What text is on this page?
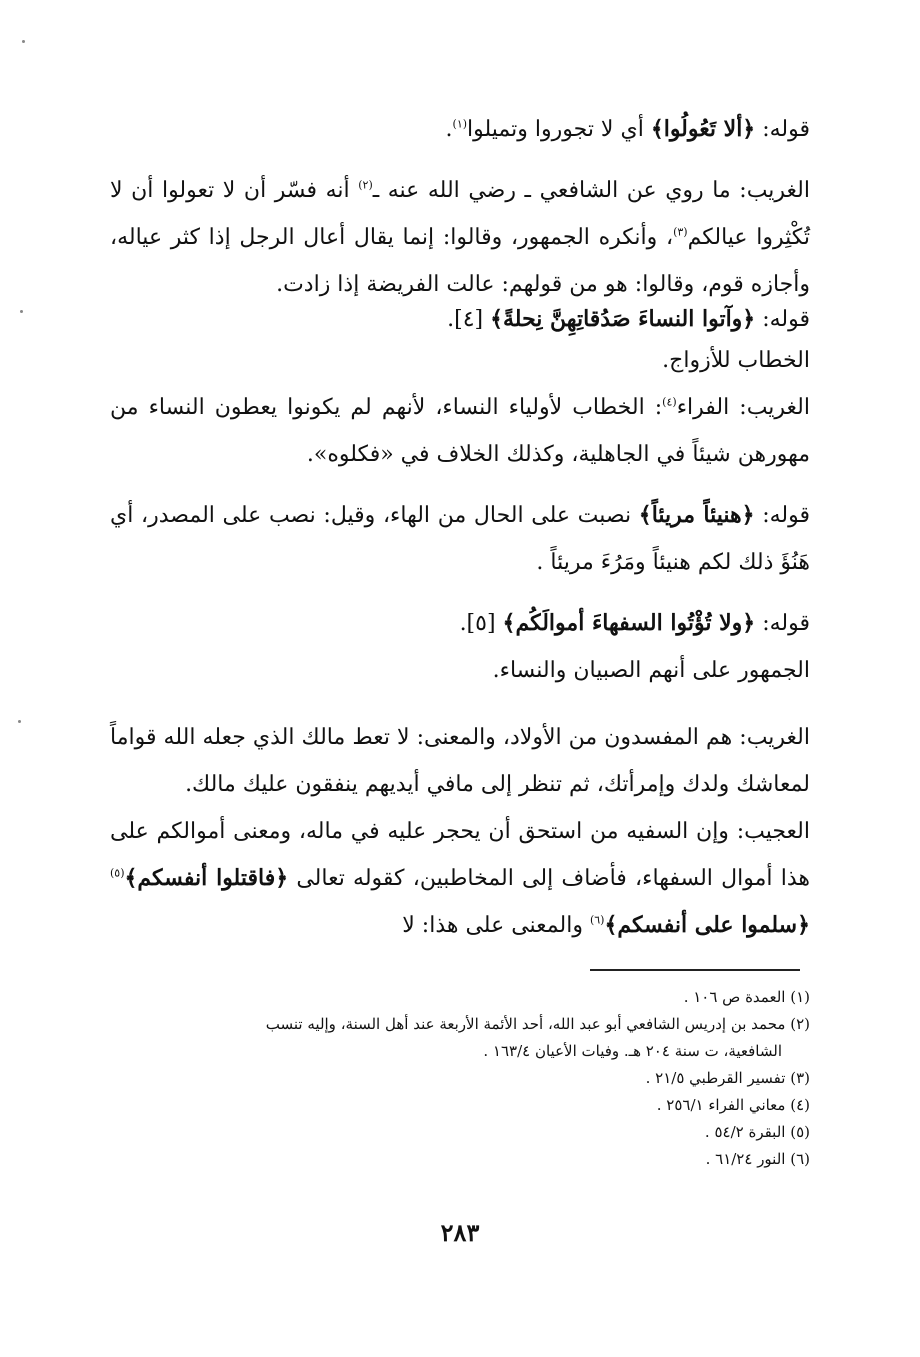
قوله: ﴿ألا تَعُولُوا﴾ أي لا تجوروا وتميلوا$^{(١)}$.

الغريب: ما روي عن الشافعي ـ رضي الله عنه ـ$^{(٢)}$ أنه فسّر أن لا تعولوا أن لا تُكْثِروا عيالكم$^{(٣)}$، وأنكره الجمهور، وقالوا: إنما يقال أعال الرجل إذا كثر عياله، وأجازه قوم، وقالوا: هو من قولهم: عالت الفريضة إذا زادت.

قوله: ﴿وآتوا النساءَ صَدُقاتِهِنَّ نِحلةً﴾ [٤].

الخطاب للأزواج.

الغريب: الفراء$^{(٤)}$: الخطاب لأولياء النساء، لأنهم لم يكونوا يعطون النساء من مهورهن شيئاً في الجاهلية، وكذلك الخلاف في «فكلوه».

قوله: ﴿هنيئاً مريئاً﴾ نصبت على الحال من الهاء، وقيل: نصب على المصدر، أي هَنُؤَ ذلك لكم هنيئاً ومَرُءَ مريئاً .

قوله: ﴿ولا تُؤْتُوا السفهاءَ أموالَكُم﴾ [٥].

الجمهور على أنهم الصبيان والنساء.

الغريب: هم المفسدون من الأولاد، والمعنى: لا تعط مالك الذي جعله الله قواماً لمعاشك ولدك وإمرأتك، ثم تنظر إلى مافي أيديهم ينفقون عليك مالك.

العجيب: وإن السفيه من استحق أن يحجر عليه في ماله، ومعنى أموالكم على هذا أموال السفهاء، فأضاف إلى المخاطبين، كقوله تعالى ﴿فاقتلوا أنفسكم﴾$^{(٥)}$ ﴿سلموا على أنفسكم﴾$^{(٦)}$ والمعنى على هذا: لا

(١) العمدة ص ١٠٦ .

(٢) محمد بن إدريس الشافعي أبو عبد الله، أحد الأئمة الأربعة عند أهل السنة، وإليه تنسب

الشافعية، ت سنة ٢٠٤ هـ. وفيات الأعيان ١٦٣/٤ .

(٣) تفسير القرطبي ٢١/٥ .

(٤) معاني الفراء ٢٥٦/١ .

(٥) البقرة ٥٤/٢ .

(٦) النور ٦١/٢٤ .

٢٨٣
